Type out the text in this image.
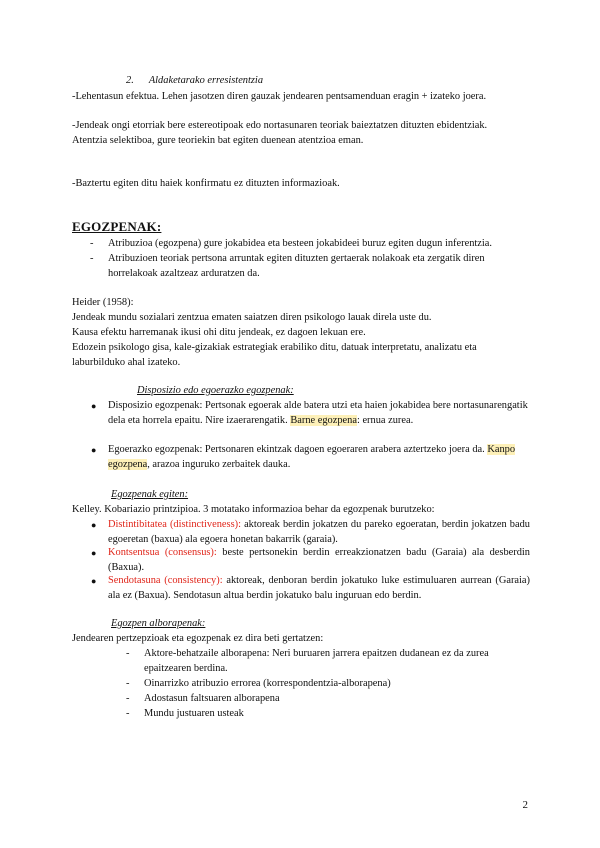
2. Aldaketarako erresistentzia

-Lehentasun efektua. Lehen jasotzen diren gauzak jendearen pentsamenduan eragin + izateko joera.

-Jendeak ongi etorriak bere estereotipoak edo nortasunaren teoriak baieztatzen dituzten ebidentziak.

Atentzia selektiboa, gure teoriekin bat egiten duenean atentzioa eman.

-Baztertu egiten ditu haiek konfirmatu ez dituzten informazioak.

EGOZPENAK:
-	Atribuzioa (egozpena) gure jokabidea eta besteen jokabideei buruz egiten dugun inferentzia.
-	Atribuzioen teoriak pertsona arruntak egiten dituzten gertaerak nolakoak eta zergatik diren horrelakoak azaltzeaz arduratzen da.

Heider (1958):

Jendeak mundu sozialari zentzua ematen saiatzen diren psikologo lauak direla uste du.

Kausa efektu harremanak ikusi ohi ditu jendeak, ez dagoen lekuan ere.

Edozein psikologo gisa, kale-gizakiak estrategiak erabiliko ditu, datuak interpretatu, analizatu eta laburbilduko ahal izateko.

Disposizio edo egoerazko egozpenak:

● Disposizio egozpenak: Pertsonak egoerak alde batera utzi eta haien jokabidea bere nortasunarengatik dela eta horrela epaitu. Nire izaerarengatik. Barne egozpena: ernua zurea.
● Egoerazko egozpenak: Pertsonaren ekintzak dagoen egoeraren arabera aztertzeko joera da. Kanpo egozpena, arazoa inguruko zerbaitek dauka.

Egozpenak egiten:

Kelley. Kobariazio printzipioa. 3 motatako informazioa behar da egozpenak burutzeko:

● Distintibitatea (distinctiveness): aktoreak berdin jokatzen du pareko egoeratan, berdin jokatzen badu egoeretan (baxua) ala egoera honetan bakarrik (garaia).
● Kontsentsua (consensus): beste pertsonekin berdin erreakzionatzen badu (Garaia) ala desberdin (Baxua).
● Sendotasuna (consistency): aktoreak, denboran berdin jokatuko luke estimuluaren aurrean (Garaia) ala ez (Baxua). Sendotasun altua berdin jokatuko balu inguruan edo berdin.

Egozpen alborapenak:

Jendearen pertzepzioak eta egozpenak ez dira beti gertatzen:

-	Aktore-behatzaile alborapena: Neri buruaren jarrera epaitzen dudanean ez da zurea epaitzearen berdina.
-	Oinarrizko atribuzio errorea (korrespondentzia-alborapena)
-	Adostasun faltsuaren alborapena
-	Mundu justuaren usteak
2
